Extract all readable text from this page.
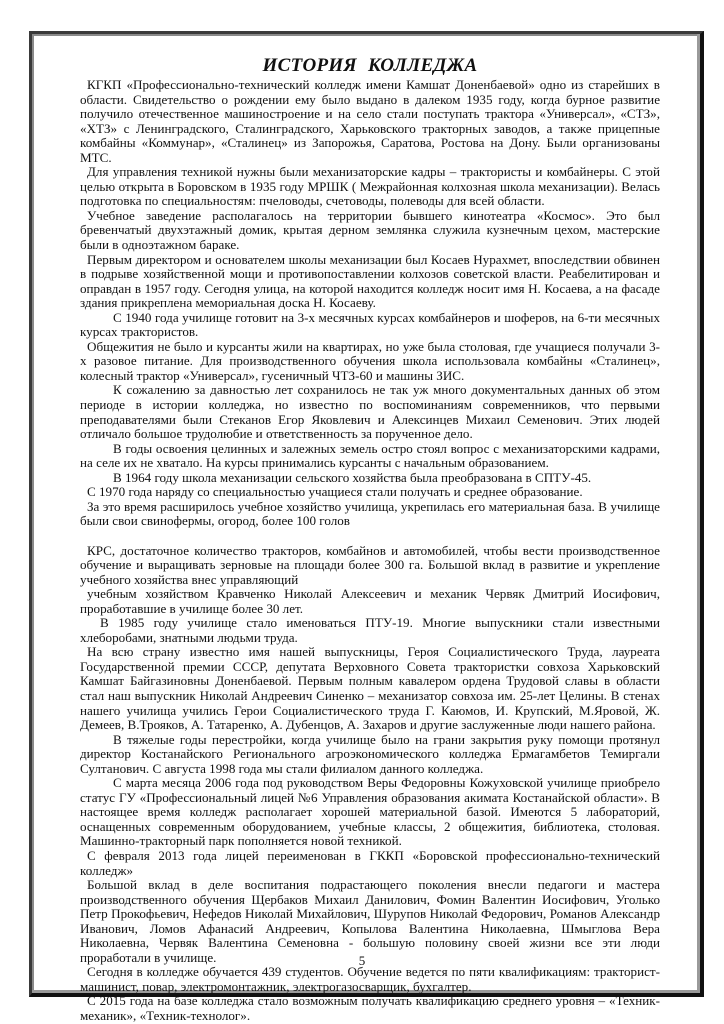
ИСТОРИЯ КОЛЛЕДЖА

КГКП «Профессионально-технический колледж имени Камшат Доненбаевой» одно из старейших в области. Свидетельство о рождении ему было выдано в далеком 1935 году, когда бурное развитие получило отечественное машиностроение и на село стали поступать трактора «Универсал», «СТЗ», «ХТЗ» с Ленинградского, Сталинградского, Харьковского тракторных заводов, а также прицепные комбайны «Коммунар», «Сталинец» из Запорожья, Саратова, Ростова на Дону. Были организованы МТС.

Для управления техникой нужны были механизаторские кадры – трактористы и комбайнеры. С этой целью открыта в Боровском в 1935 году МРШК ( Межрайонная колхозная школа механизации). Велась подготовка по специальностям: пчеловоды, счетоводы, полеводы для всей области.

Учебное заведение располагалось на территории бывшего кинотеатра «Космос». Это был бревенчатый двухэтажный домик, крытая дерном землянка служила кузнечным цехом, мастерские были в одноэтажном бараке.

Первым директором и основателем школы механизации был Косаев Нурахмет, впоследствии обвинен в подрыве хозяйственной мощи и противопоставлении колхозов советской власти. Реабелитирован и оправдан в 1957 году. Сегодня улица, на которой находится колледж носит имя Н. Косаева, а на фасаде здания прикреплена мемориальная доска Н. Косаеву.

С 1940 года училище готовит на 3-х месячных курсах комбайнеров и шоферов, на 6-ти месячных курсах трактористов.

Общежития не было и курсанты жили на квартирах, но уже была столовая, где учащиеся получали 3-х разовое питание. Для производственного обучения школа использовала комбайны «Сталинец», колесный трактор «Универсал», гусеничный ЧТЗ-60 и машины ЗИС.

К сожалению за давностью лет сохранилось не так уж много документальных данных об этом периоде в истории колледжа, но известно по воспоминаниям современников, что первыми преподавателями были Стеканов Егор Яковлевич и Алексинцев Михаил Семенович. Этих людей отличало большое трудолюбие и ответственность за порученное дело.

В годы освоения целинных и залежных земель остро стоял вопрос с механизаторскими кадрами, на селе их не хватало. На курсы принимались курсанты с начальным образованием.

В 1964 году школа механизации сельского хозяйства была преобразована в СПТУ-45.

С 1970 года наряду со специальностью учащиеся стали получать и среднее образование.

За это время расширилось учебное хозяйство училища, укрепилась его материальная база. В училище были свои свинофермы, огород, более 100 голов

КРС, достаточное количество тракторов, комбайнов и автомобилей, чтобы вести производственное обучение и выращивать зерновые на площади более 300 га. Большой вклад в развитие и укрепление учебного хозяйства внес управляющий

учебным хозяйством Кравченко Николай Алексеевич и механик Червяк Дмитрий Иосифович, проработавшие в училище более 30 лет.

В 1985 году училище стало именоваться ПТУ-19. Многие выпускники стали известными хлеборобами, знатными людьми труда.

На всю страну известно имя нашей выпускницы, Героя Социалистического Труда, лауреата Государственной премии СССР, депутата Верховного Совета трактористки совхоза Харьковский Камшат Байгазиновны Доненбаевой. Первым полным кавалером ордена Трудовой славы в области стал наш выпускник Николай Андреевич Синенко – механизатор совхоза им. 25-лет Целины. В стенах нашего училища учились Герои Социалистического труда Г. Каюмов, И. Крупский, М.Яровой, Ж. Демеев, В.Трояков, А. Татаренко, А. Дубенцов, А. Захаров и другие заслуженные люди нашего района.

В тяжелые годы перестройки, когда училище было на грани закрытия руку помощи протянул директор Костанайского Регионального агроэкономического колледжа Ермагамбетов Темиргали Султанович. С августа 1998 года мы стали филиалом данного колледжа.

С марта месяца 2006 года под руководством Веры Федоровны Кожуховской училище приобрело статус ГУ «Профессиональный лицей №6 Управления образования акимата Костанайской области». В настоящее время колледж располагает хорошей материальной базой. Имеются 5 лабораторий, оснащенных современным оборудованием, учебные классы, 2 общежития, библиотека, столовая. Машинно-тракторный парк пополняется новой техникой.

С февраля 2013 года лицей переименован в ГККП «Боровской профессионально-технический колледж»

Большой вклад в деле воспитания подрастающего поколения внесли педагоги и мастера производственного обучения Щербаков Михаил Данилович, Фомин Валентин Иосифович, Уголько Петр Прокофьевич, Нефедов Николай Михайлович, Шурупов Николай Федорович, Романов Александр Иванович, Ломов Афанасий Андреевич, Копылова Валентина Николаевна, Шмыглова Вера Николаевна, Червяк Валентина Семеновна - большую половину своей жизни все эти люди проработали в училище.

Сегодня в колледже обучается 439 студентов. Обучение ведется по пяти квалификациям: тракторист-машинист, повар, электромонтажник, электрогазосварщик, бухгалтер.

С 2015 года на базе колледжа стало возможным получать квалификацию среднего уровня – «Техник-механик», «Техник-технолог».

5
